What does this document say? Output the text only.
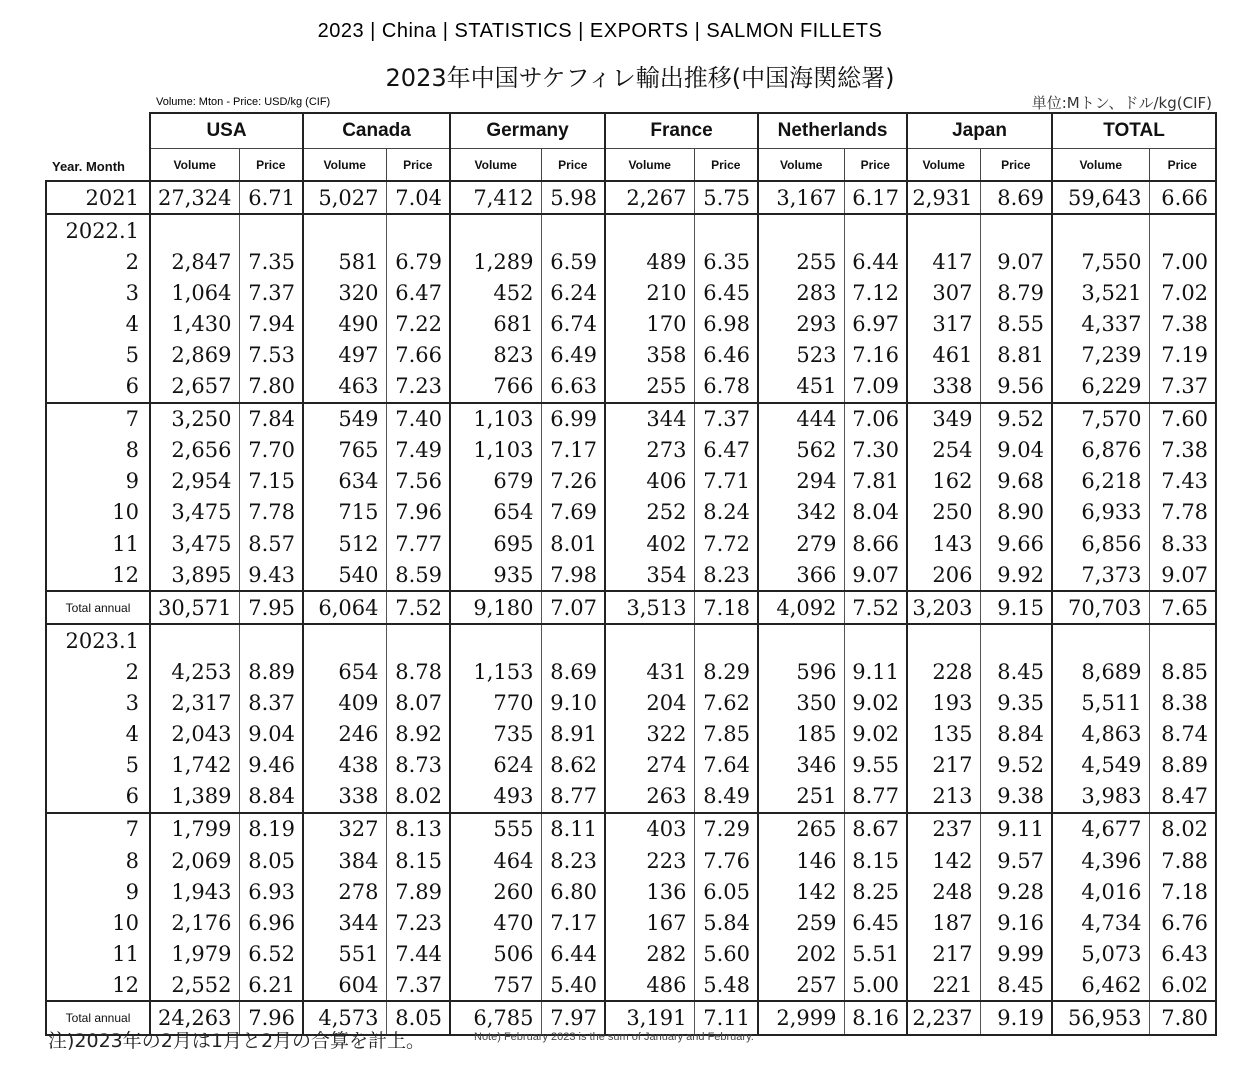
2023 | China | STATISTICS | EXPORTS | SALMON FILLETS
2023年中国サケフィレ輸出推移(中国海関総署)
Volume: Mton - Price: USD/kg (CIF)	単位:Mトン、ドル/kg(CIF)
	USA		Canada		Germany		France		Netherlands		Japan		TOTAL	
Year. Month	Volume	Price	Volume	Price	Volume	Price	Volume	Price	Volume	Price	Volume	Price	Volume	Price
2021	27,324	6.71	5,027	7.04	7,412	5.98	2,267	5.75	3,167	6.17	2,931	8.69	59,643	6.66
2022.1														
2	2,847	7.35	581	6.79	1,289	6.59	489	6.35	255	6.44	417	9.07	7,550	7.00
3	1,064	7.37	320	6.47	452	6.24	210	6.45	283	7.12	307	8.79	3,521	7.02
4	1,430	7.94	490	7.22	681	6.74	170	6.98	293	6.97	317	8.55	4,337	7.38
5	2,869	7.53	497	7.66	823	6.49	358	6.46	523	7.16	461	8.81	7,239	7.19
6	2,657	7.80	463	7.23	766	6.63	255	6.78	451	7.09	338	9.56	6,229	7.37
7	3,250	7.84	549	7.40	1,103	6.99	344	7.37	444	7.06	349	9.52	7,570	7.60
8	2,656	7.70	765	7.49	1,103	7.17	273	6.47	562	7.30	254	9.04	6,876	7.38
9	2,954	7.15	634	7.56	679	7.26	406	7.71	294	7.81	162	9.68	6,218	7.43
10	3,475	7.78	715	7.96	654	7.69	252	8.24	342	8.04	250	8.90	6,933	7.78
11	3,475	8.57	512	7.77	695	8.01	402	7.72	279	8.66	143	9.66	6,856	8.33
12	3,895	9.43	540	8.59	935	7.98	354	8.23	366	9.07	206	9.92	7,373	9.07
Total annual	30,571	7.95	6,064	7.52	9,180	7.07	3,513	7.18	4,092	7.52	3,203	9.15	70,703	7.65
2023.1														
2	4,253	8.89	654	8.78	1,153	8.69	431	8.29	596	9.11	228	8.45	8,689	8.85
3	2,317	8.37	409	8.07	770	9.10	204	7.62	350	9.02	193	9.35	5,511	8.38
4	2,043	9.04	246	8.92	735	8.91	322	7.85	185	9.02	135	8.84	4,863	8.74
5	1,742	9.46	438	8.73	624	8.62	274	7.64	346	9.55	217	9.52	4,549	8.89
6	1,389	8.84	338	8.02	493	8.77	263	8.49	251	8.77	213	9.38	3,983	8.47
7	1,799	8.19	327	8.13	555	8.11	403	7.29	265	8.67	237	9.11	4,677	8.02
8	2,069	8.05	384	8.15	464	8.23	223	7.76	146	8.15	142	9.57	4,396	7.88
9	1,943	6.93	278	7.89	260	6.80	136	6.05	142	8.25	248	9.28	4,016	7.18
10	2,176	6.96	344	7.23	470	7.17	167	5.84	259	6.45	187	9.16	4,734	6.76
11	1,979	6.52	551	7.44	506	6.44	282	5.60	202	5.51	217	9.99	5,073	6.43
12	2,552	6.21	604	7.37	757	5.40	486	5.48	257	5.00	221	8.45	6,462	6.02
Total annual	24,263	7.96	4,573	8.05	6,785	7.97	3,191	7.11	2,999	8.16	2,237	9.19	56,953	7.80
注)2023年の2月は1月と2月の合算を計上。	Note) February 2023 is the sum of January and February.
